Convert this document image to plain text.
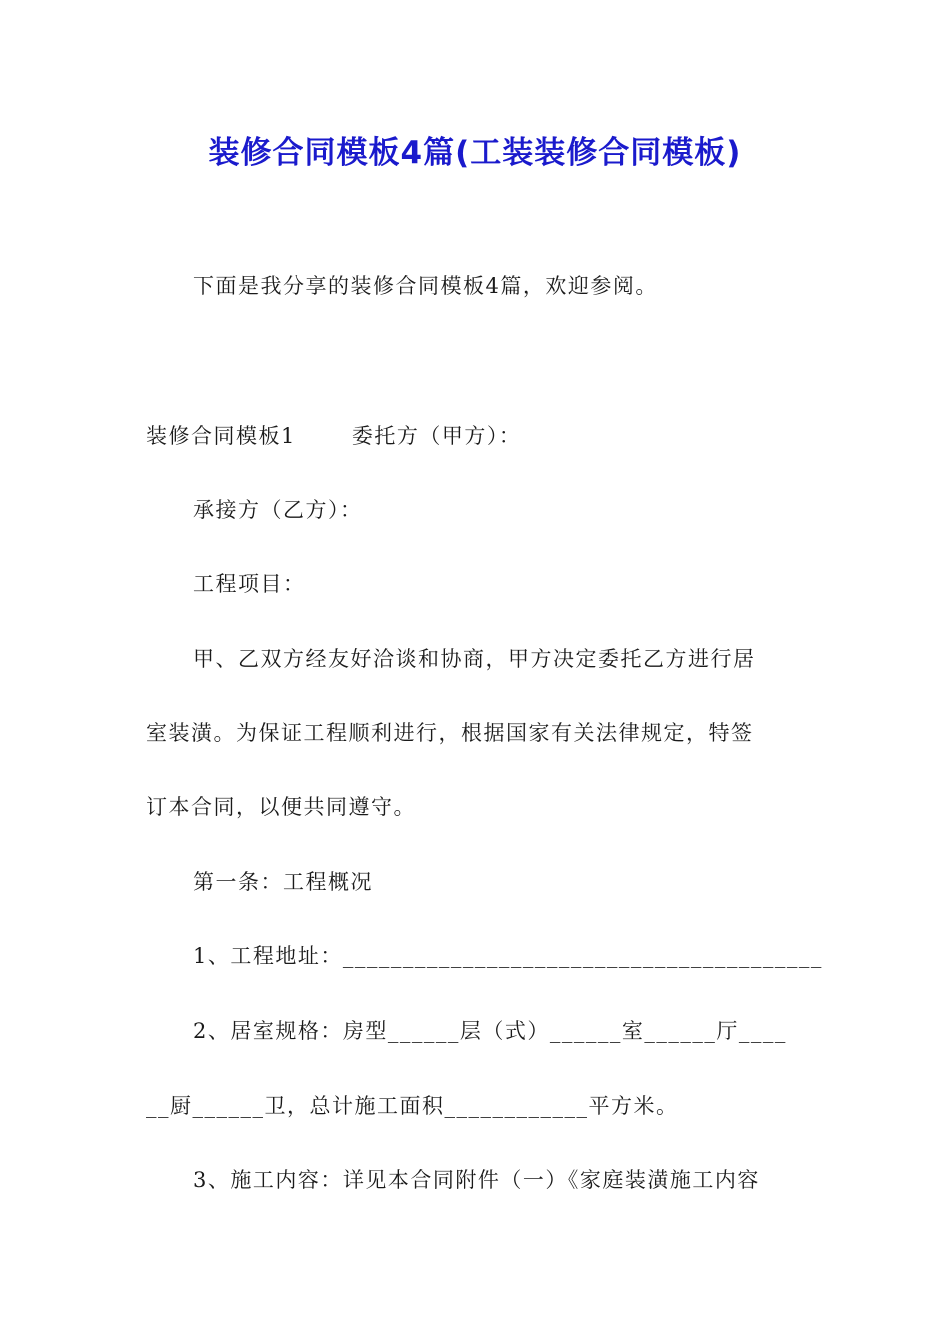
装修合同模板4篇(工装装修合同模板)
下面是我分享的装修合同模板4篇，欢迎参阅。
装修合同模板1	委托方（甲方）：
承接方（乙方）：
工程项目：
甲、乙双方经友好洽谈和协商，甲方决定委托乙方进行居
室装潢。为保证工程顺利进行，根据国家有关法律规定，特签
订本合同，以便共同遵守。
第一条：工程概况
1、工程地址：________________________________________
2、居室规格：房型______层（式）______室______厅____
__厨______卫，总计施工面积____________平方米。
3、施工内容：详见本合同附件（一）《家庭装潢施工内容
